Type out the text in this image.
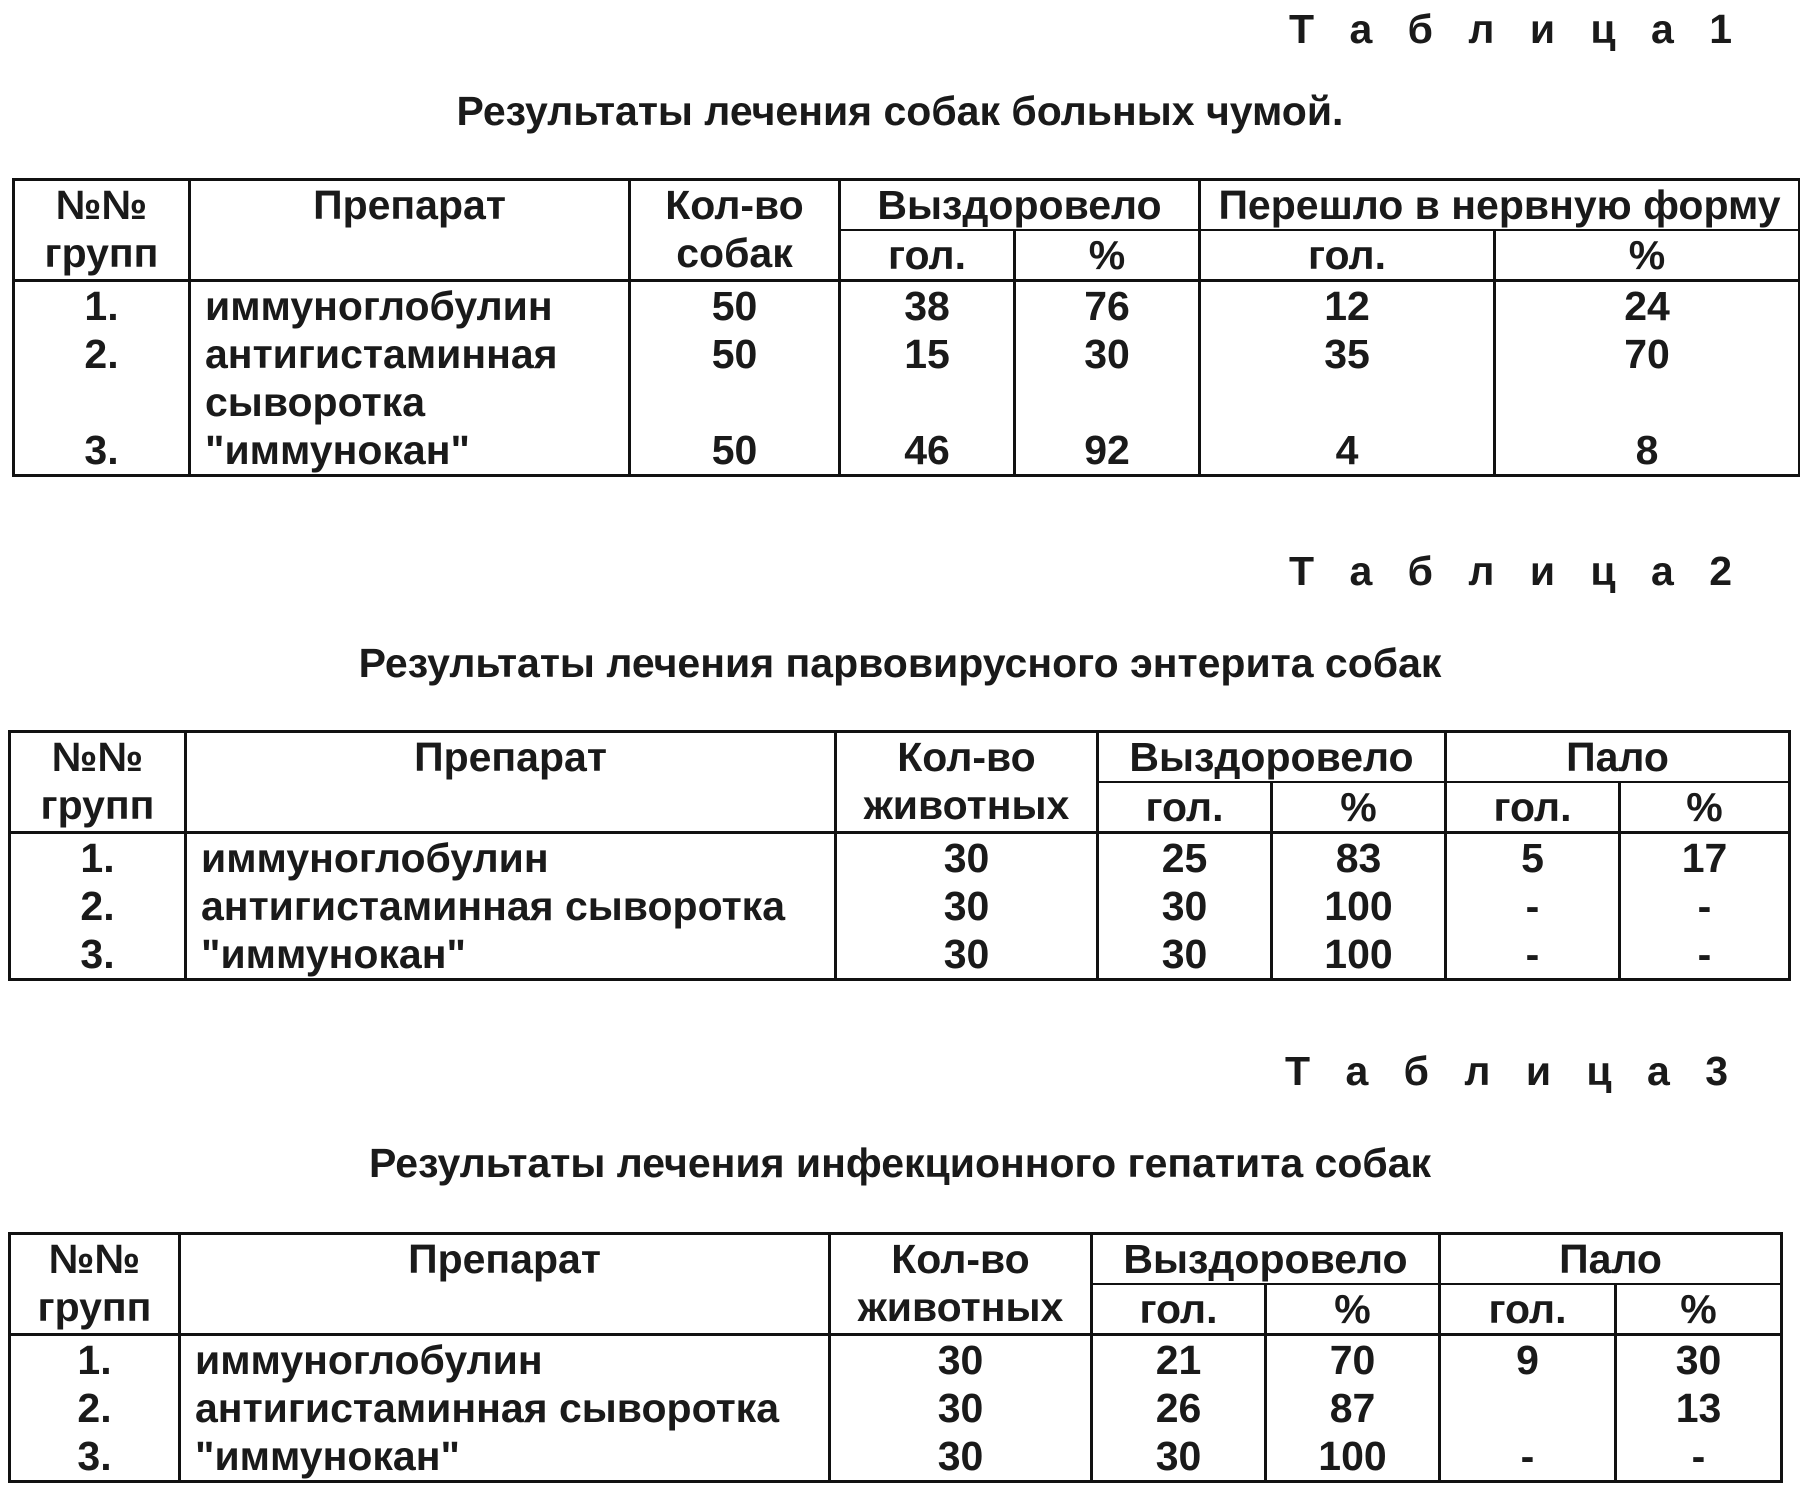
Т а б л и ц а 1
Результаты лечения собак больных чумой.
№№ групп	Препарат	Кол-во собак	Выздоровело		Перешло в нервную форму	
			гол.	%	гол.	%
1.	иммуноглобулин	50	38	76	12	24
2.	антигистаминная сыворотка	50	15	30	35	70
3.	"иммунокан"	50	46	92	4	8
Т а б л и ц а 2
Результаты лечения парвовирусного энтерита собак
№№ групп	Препарат	Кол-во животных	Выздоровело		Пало	
			гол.	%	гол.	%
1.	иммуноглобулин	30	25	83	5	17
2.	антигистаминная сыворотка	30	30	100	-	-
3.	"иммунокан"	30	30	100	-	-
Т а б л и ц а 3
Результаты лечения инфекционного гепатита собак
№№ групп	Препарат	Кол-во животных	Выздоровело		Пало	
			гол.	%	гол.	%
1.	иммуноглобулин	30	21	70	9	30
2.	антигистаминная сыворотка	30	26	87		13
3.	"иммунокан"	30	30	100	-	-
